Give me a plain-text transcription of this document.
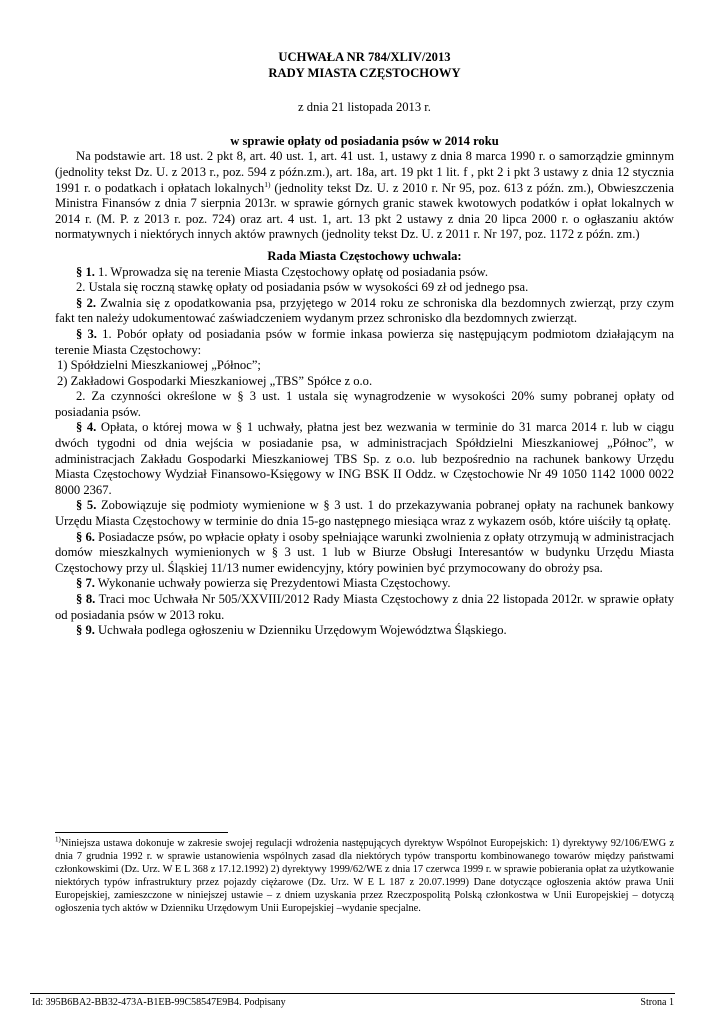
UCHWAŁA NR 784/XLIV/2013
RADY MIASTA CZĘSTOCHOWY
z dnia 21 listopada 2013 r.
w sprawie opłaty od posiadania psów w 2014 roku

Na podstawie art. 18 ust. 2 pkt 8, art. 40 ust. 1, art. 41 ust. 1, ustawy z dnia 8 marca 1990 r. o samorządzie gminnym (jednolity tekst Dz. U. z 2013 r., poz. 594 z późn.zm.), art. 18a, art. 19 pkt 1 lit. f , pkt 2 i pkt 3 ustawy z dnia 12 stycznia 1991 r. o podatkach i opłatach lokalnych$^{1)}$ (jednolity tekst Dz. U. z 2010 r. Nr 95, poz. 613 z późn. zm.), Obwieszczenia Ministra Finansów z dnia 7 sierpnia 2013r. w sprawie górnych granic stawek kwotowych podatków i opłat lokalnych w 2014 r. (M. P. z 2013 r. poz. 724) oraz art. 4 ust. 1, art. 13 pkt 2 ustawy z dnia 20 lipca 2000 r. o ogłaszaniu aktów normatywnych i niektórych innych aktów prawnych (jednolity tekst Dz. U. z 2011 r. Nr 197, poz. 1172 z późn. zm.)

Rada Miasta Częstochowy uchwala:

§ 1. 1. Wprowadza się na terenie Miasta Częstochowy opłatę od posiadania psów.

2. Ustala się roczną stawkę opłaty od posiadania psów w wysokości 69 zł od jednego psa.

§ 2. Zwalnia się z opodatkowania psa, przyjętego w 2014 roku ze schroniska dla bezdomnych zwierząt, przy czym fakt ten należy udokumentować zaświadczeniem wydanym przez schronisko dla bezdomnych zwierząt.

§ 3. 1. Pobór opłaty od posiadania psów w formie inkasa powierza się następującym podmiotom działającym na terenie Miasta Częstochowy:

1) Spółdzielni Mieszkaniowej „Północ”;

2) Zakładowi Gospodarki Mieszkaniowej „TBS” Spółce z o.o.

2. Za czynności określone w § 3 ust. 1 ustala się wynagrodzenie w wysokości 20% sumy pobranej opłaty od posiadania psów.

§ 4. Opłata, o której mowa w § 1 uchwały, płatna jest bez wezwania w terminie do 31 marca 2014 r. lub w ciągu dwóch tygodni od dnia wejścia w posiadanie psa, w administracjach Spółdzielni Mieszkaniowej „Północ”, w administracjach Zakładu Gospodarki Mieszkaniowej TBS Sp. z o.o. lub bezpośrednio na rachunek bankowy Urzędu Miasta Częstochowy Wydział Finansowo-Księgowy w ING BSK II Oddz. w Częstochowie Nr 49 1050 1142 1000 0022 8000 2367.

§ 5. Zobowiązuje się podmioty wymienione w § 3 ust. 1 do przekazywania pobranej opłaty na rachunek bankowy Urzędu Miasta Częstochowy w terminie do dnia 15-go następnego miesiąca wraz z wykazem osób, które uiściły tą opłatę.

§ 6. Posiadacze psów, po wpłacie opłaty i osoby spełniające warunki zwolnienia z opłaty otrzymują w administracjach domów mieszkalnych wymienionych w § 3 ust. 1 lub w Biurze Obsługi Interesantów w budynku Urzędu Miasta Częstochowy przy ul. Śląskiej 11/13 numer ewidencyjny, który powinien być przymocowany do obroży psa.

§ 7. Wykonanie uchwały powierza się Prezydentowi Miasta Częstochowy.

§ 8. Traci moc Uchwała Nr 505/XXVIII/2012 Rady Miasta Częstochowy z dnia 22 listopada 2012r. w sprawie opłaty od posiadania psów w 2013 roku.

§ 9. Uchwała podlega ogłoszeniu w Dzienniku Urzędowym Województwa Śląskiego.

$^{1)}$Niniejsza ustawa dokonuje w zakresie swojej regulacji wdrożenia następujących dyrektyw Wspólnot Europejskich: 1) dyrektywy 92/106/EWG z dnia 7 grudnia 1992 r. w sprawie ustanowienia wspólnych zasad dla niektórych typów transportu kombinowanego towarów między państwami członkowskimi (Dz. Urz. W E L 368 z 17.12.1992) 2) dyrektywy 1999/62/WE z dnia 17 czerwca 1999 r. w sprawie pobierania opłat za użytkowanie niektórych typów infrastruktury przez pojazdy ciężarowe (Dz. Urz. W E L 187 z 20.07.1999) Dane dotyczące ogłoszenia aktów prawa Unii Europejskiej, zamieszczone w niniejszej ustawie – z dniem uzyskania przez Rzeczpospolitą Polską członkostwa w Unii Europejskiej – dotyczą ogłoszenia tych aktów w Dzienniku Urzędowym Unii Europejskiej –wydanie specjalne.
Id: 395B6BA2-BB32-473A-B1EB-99C58547E9B4. Podpisany	Strona 1
